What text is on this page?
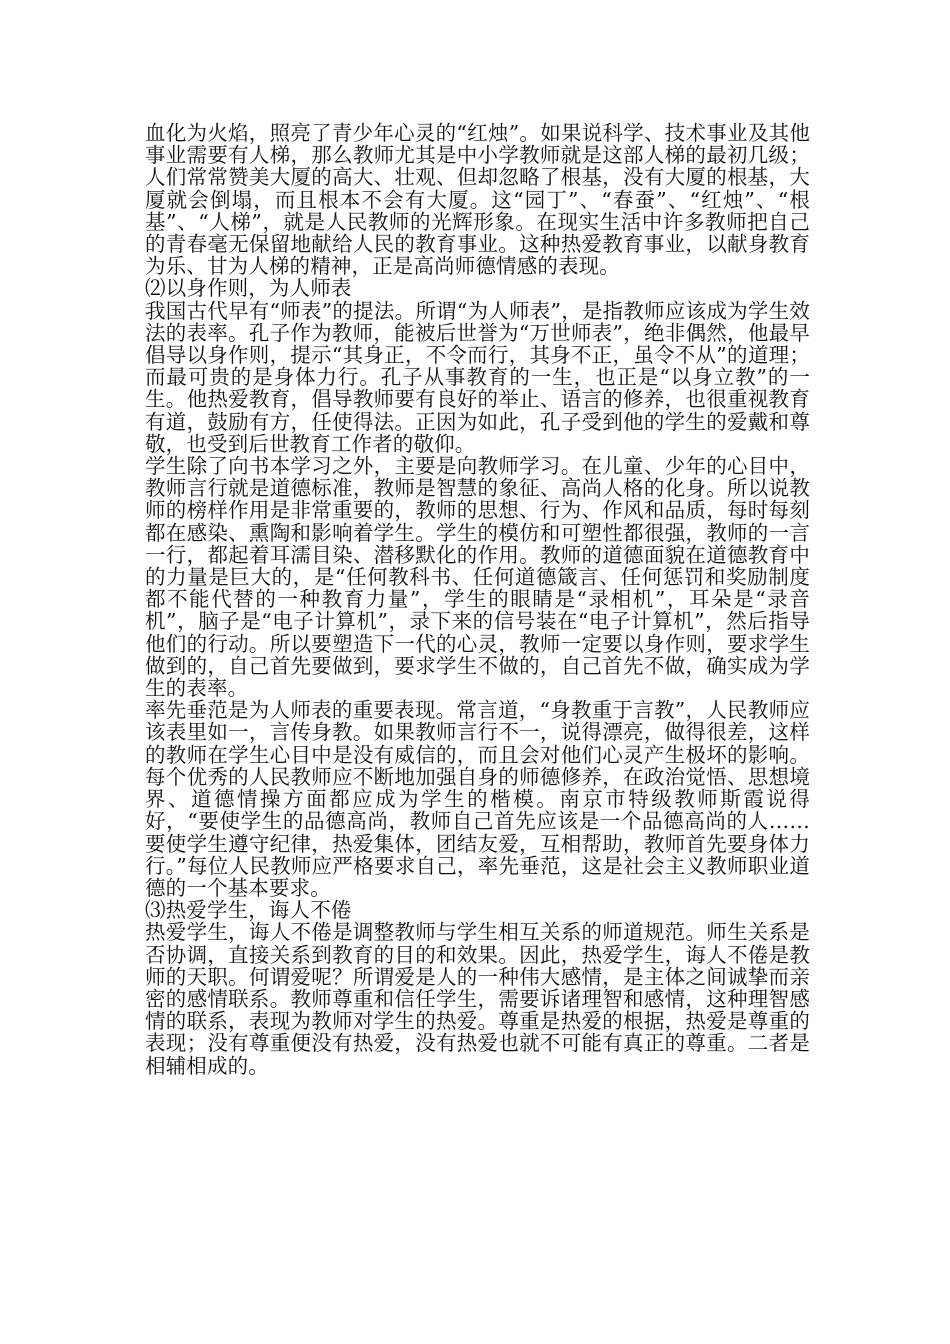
血化为火焰，照亮了青少年心灵的“红烛”。如果说科学、技术事业及其他事业需要有人梯，那么教师尤其是中小学教师就是这部人梯的最初几级；人们常常赞美大厦的高大、壮观、但却忽略了根基，没有大厦的根基，大厦就会倒塌，而且根本不会有大厦。这“园丁”、“春蚕”、“红烛”、“根基”、“人梯”，就是人民教师的光辉形象。在现实生活中许多教师把自己的青春毫无保留地献给人民的教育事业。这种热爱教育事业，以献身教育为乐、甘为人梯的精神，正是高尚师德情感的表现。

⑵以身作则，为人师表

我国古代早有“师表”的提法。所谓“为人师表”，是指教师应该成为学生效法的表率。孔子作为教师，能被后世誉为“万世师表”，绝非偶然，他最早倡导以身作则，提示“其身正，不令而行，其身不正，虽令不从”的道理；而最可贵的是身体力行。孔子从事教育的一生，也正是“以身立教”的一生。他热爱教育，倡导教师要有良好的举止、语言的修养，也很重视教育有道，鼓励有方，任使得法。正因为如此，孔子受到他的学生的爱戴和尊敬，也受到后世教育工作者的敬仰。

学生除了向书本学习之外，主要是向教师学习。在儿童、少年的心目中，教师言行就是道德标准，教师是智慧的象征、高尚人格的化身。所以说教师的榜样作用是非常重要的，教师的思想、行为、作风和品质，每时每刻都在感染、熏陶和影响着学生。学生的模仿和可塑性都很强，教师的一言一行，都起着耳濡目染、潜移默化的作用。教师的道德面貌在道德教育中的力量是巨大的，是“任何教科书、任何道德箴言、任何惩罚和奖励制度都不能代替的一种教育力量”，学生的眼睛是“录相机”，耳朵是“录音机”，脑子是“电子计算机”，录下来的信号装在“电子计算机”，然后指导他们的行动。所以要塑造下一代的心灵，教师一定要以身作则，要求学生做到的，自己首先要做到，要求学生不做的，自己首先不做，确实成为学生的表率。

率先垂范是为人师表的重要表现。常言道，“身教重于言教”，人民教师应该表里如一，言传身教。如果教师言行不一，说得漂亮，做得很差，这样的教师在学生心目中是没有威信的，而且会对他们心灵产生极坏的影响。每个优秀的人民教师应不断地加强自身的师德修养，在政治觉悟、思想境界、道德情操方面都应成为学生的楷模。南京市特级教师斯霞说得好，“要使学生的品德高尚，教师自己首先应该是一个品德高尚的人……要使学生遵守纪律，热爱集体，团结友爱，互相帮助，教师首先要身体力行。”每位人民教师应严格要求自己，率先垂范，这是社会主义教师职业道德的一个基本要求。

⑶热爱学生，诲人不倦

热爱学生，诲人不倦是调整教师与学生相互关系的师道规范。师生关系是否协调，直接关系到教育的目的和效果。因此，热爱学生，诲人不倦是教师的天职。何谓爱呢？所谓爱是人的一种伟大感情，是主体之间诚挚而亲密的感情联系。教师尊重和信任学生，需要诉诸理智和感情，这种理智感情的联系，表现为教师对学生的热爱。尊重是热爱的根据，热爱是尊重的表现；没有尊重便没有热爱，没有热爱也就不可能有真正的尊重。二者是相辅相成的。
